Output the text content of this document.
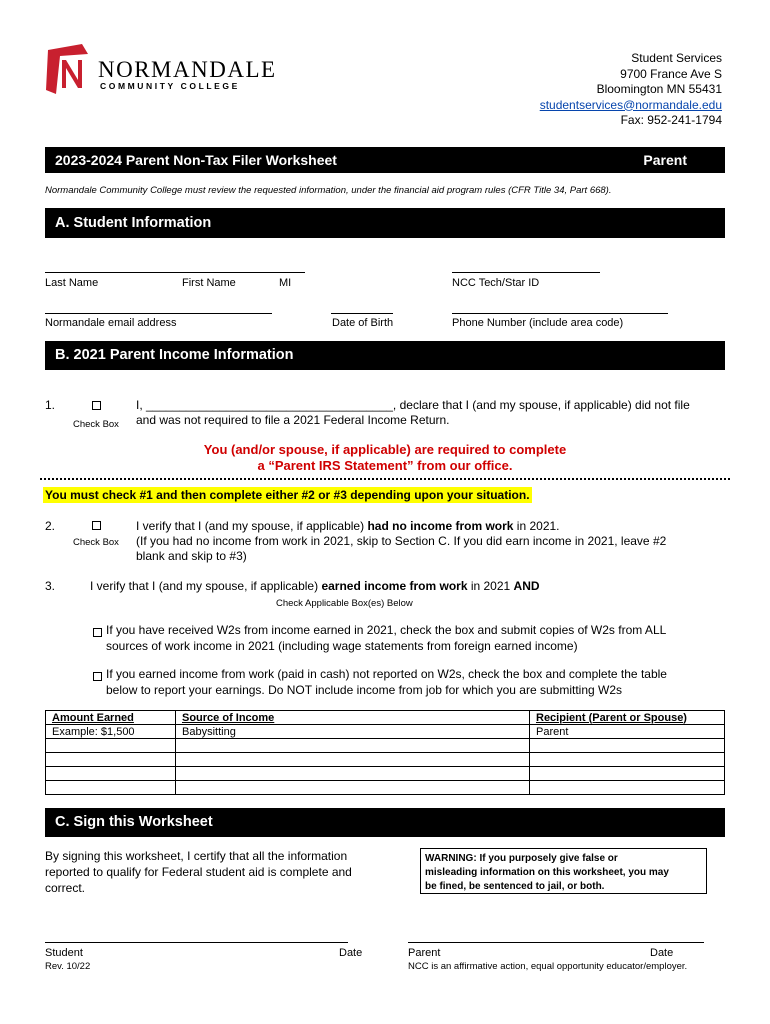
NORMANDALE
COMMUNITY COLLEGE
Student Services
9700 France Ave S
Bloomington MN 55431
studentservices@normandale.edu
Fax: 952-241-1794
2023-2024 Parent Non-Tax Filer Worksheet	Parent
Normandale Community College must review the requested information, under the financial aid program rules (CFR Title 34, Part 668).
A. Student Information
Last Name	First Name	MI	NCC Tech/Star ID
Normandale email address	Date of Birth	Phone Number (include area code)
B. 2021 Parent Income Information
1.
Check Box
I, _____________________________________, declare that I (and my spouse, if applicable) did not file
and was not required to file a 2021 Federal Income Return.
You (and/or spouse, if applicable) are required to complete
a “Parent IRS Statement” from our office.
You must check #1 and then complete either #2 or #3 depending upon your situation.
2.
Check Box
I verify that I (and my spouse, if applicable) had no income from work in 2021.
(If you had no income from work in 2021, skip to Section C. If you did earn income in 2021, leave #2
blank and skip to #3)
3.	I verify that I (and my spouse, if applicable) earned income from work in 2021 AND
Check Applicable Box(es) Below
If you have received W2s from income earned in 2021, check the box and submit copies of W2s from ALL
sources of work income in 2021 (including wage statements from foreign earned income)
If you earned income from work (paid in cash) not reported on W2s, check the box and complete the table
below to report your earnings. Do NOT include income from job for which you are submitting W2s
Amount Earned	Source of Income	Recipient (Parent or Spouse)
Example: $1,500	Babysitting	Parent

C. Sign this Worksheet
By signing this worksheet, I certify that all the information
reported to qualify for Federal student aid is complete and
correct.
WARNING: If you purposely give false or
misleading information on this worksheet, you may
be fined, be sentenced to jail, or both.
Student	Date	Parent	Date
Rev. 10/22	NCC is an affirmative action, equal opportunity educator/employer.
